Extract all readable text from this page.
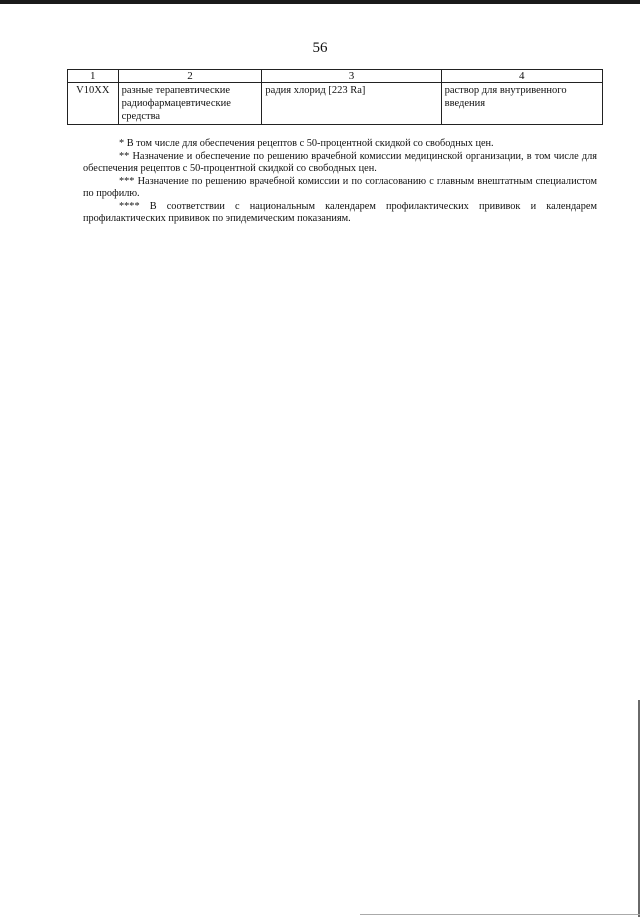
56
1	2	3	4
V10XX	разные терапевтические радиофармацевтические средства	радия хлорид [223 Ra]	раствор для внутривенного введения

* В том числе для обеспечения рецептов с 50-процентной скидкой со свободных цен.

** Назначение и обеспечение по решению врачебной комиссии медицинской организации, в том числе для обеспечения рецептов с 50-процентной скидкой со свободных цен.

*** Назначение по решению врачебной комиссии и по согласованию с главным внештатным специалистом по профилю.

**** В соответствии с национальным календарем профилактических прививок и календарем профилактических прививок по эпидемическим показаниям.
